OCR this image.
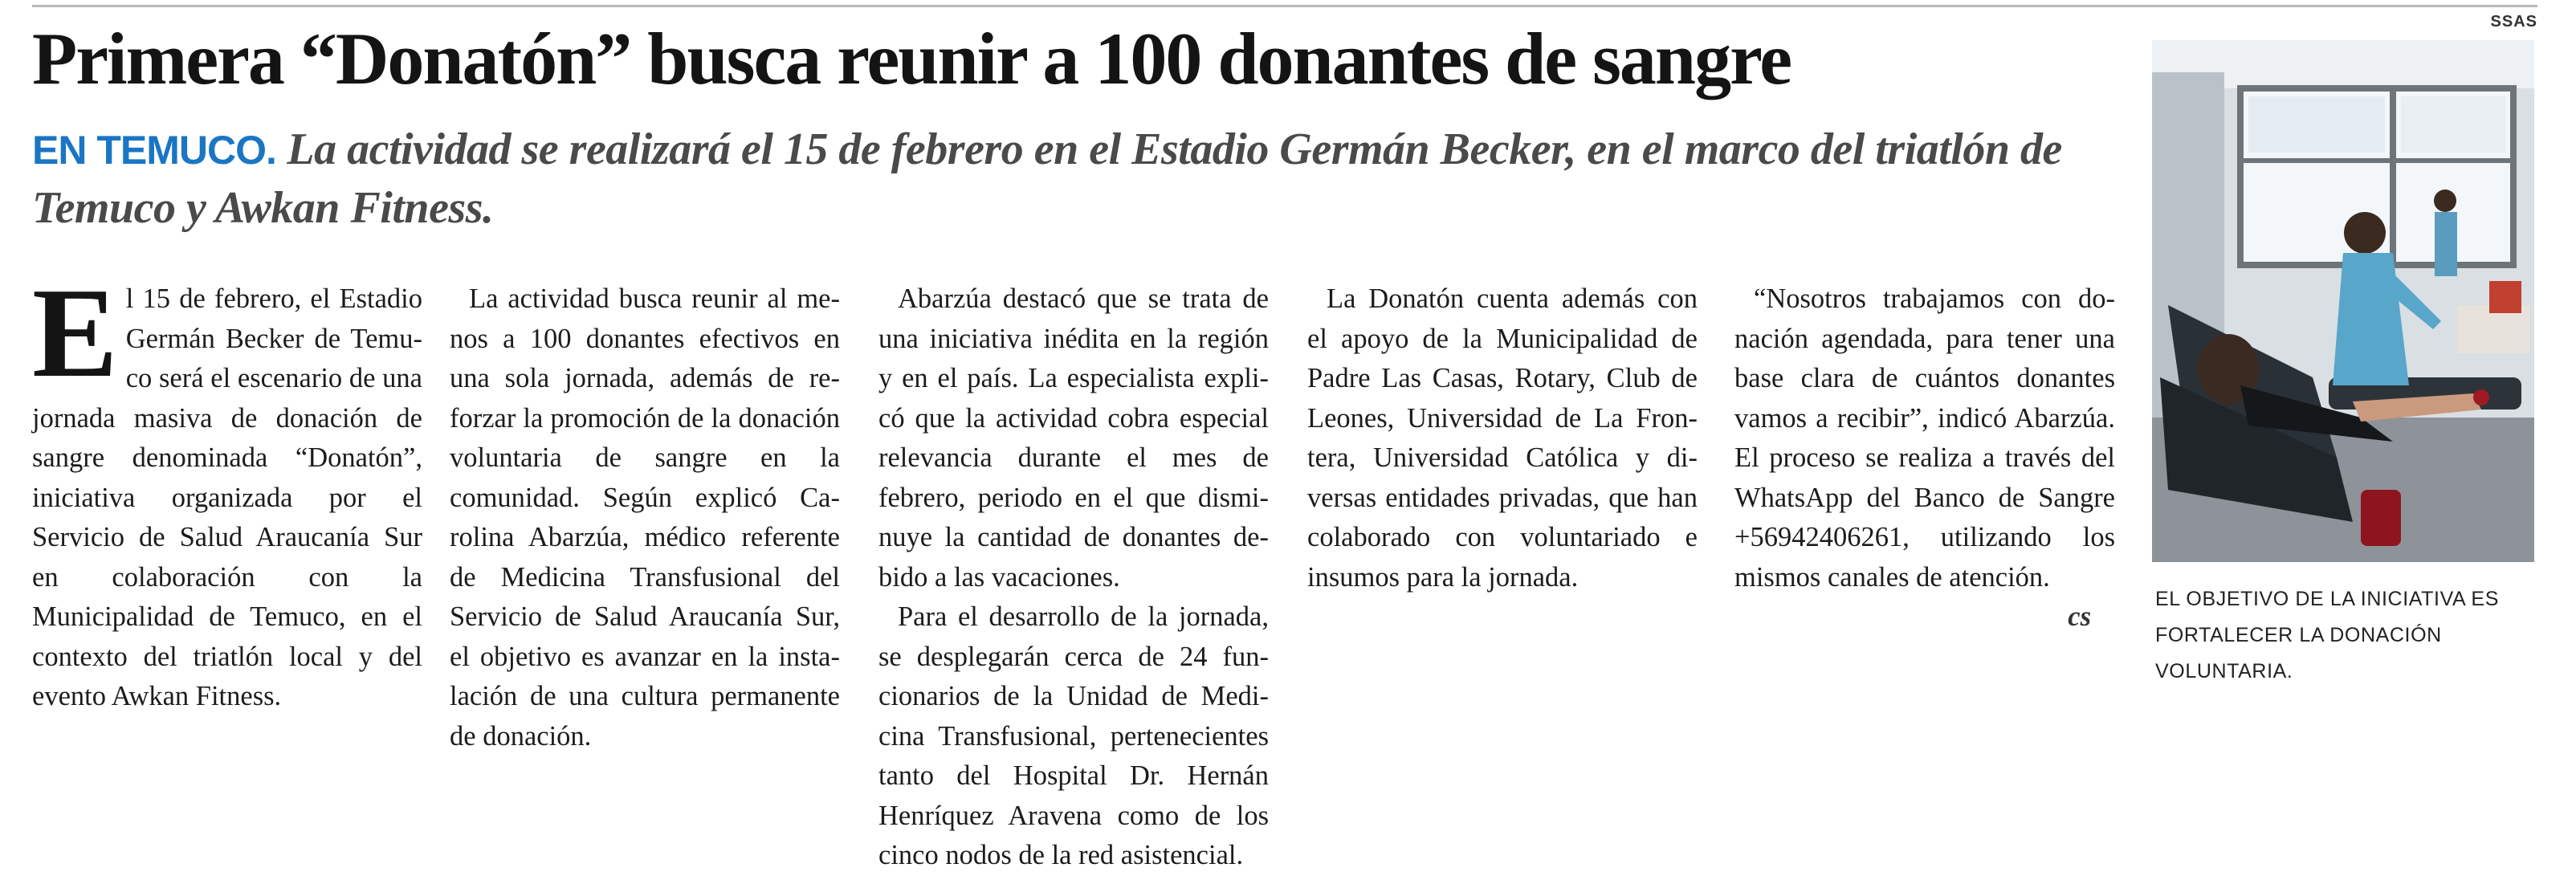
SSAS
Primera “Donatón” busca reunir a 100 donantes de sangre
EN TEMUCO. La actividad se realizará el 15 de febrero en el Estadio Germán Becker, en el marco del triatlón de Temuco y Awkan Fitness.

El 15 de febrero, el Estadio Germán Becker de Temuco será el escenario de una jornada masiva de donación de sangre denominada “Donatón”, iniciativa organizada por el Servicio de Salud Araucanía Sur en colaboración con la Municipalidad de Temuco, en el contexto del triatlón local y del evento Awkan Fitness.

La actividad busca reunir al menos a 100 donantes efectivos en una sola jornada, además de reforzar la promoción de la donación voluntaria de sangre en la comunidad. Según explicó Carolina Abarzúa, médico referente de Medicina Transfusional del Servicio de Salud Araucanía Sur, el objetivo es avanzar en la instalación de una cultura permanente de donación.

Abarzúa destacó que se trata de una iniciativa inédita en la región y en el país. La especialista explicó que la actividad cobra especial relevancia durante el mes de febrero, periodo en el que disminuye la cantidad de donantes debido a las vacaciones.

Para el desarrollo de la jornada, se desplegarán cerca de 24 funcionarios de la Unidad de Medicina Transfusional, pertenecientes tanto del Hospital Dr. Hernán Henríquez Aravena como de los cinco nodos de la red asistencial.

La Donatón cuenta además con el apoyo de la Municipalidad de Padre Las Casas, Rotary, Club de Leones, Universidad de La Frontera, Universidad Católica y diversas entidades privadas, que han colaborado con voluntariado e insumos para la jornada.

“Nosotros trabajamos con donación agendada, para tener una base clara de cuántos donantes vamos a recibir”, indicó Abarzúa. El proceso se realiza a través del WhatsApp del Banco de Sangre +56942406261, utilizando los mismos canales de atención.
cs

EL OBJETIVO DE LA INICIATIVA ES FORTALECER LA DONACIÓN VOLUNTARIA.
